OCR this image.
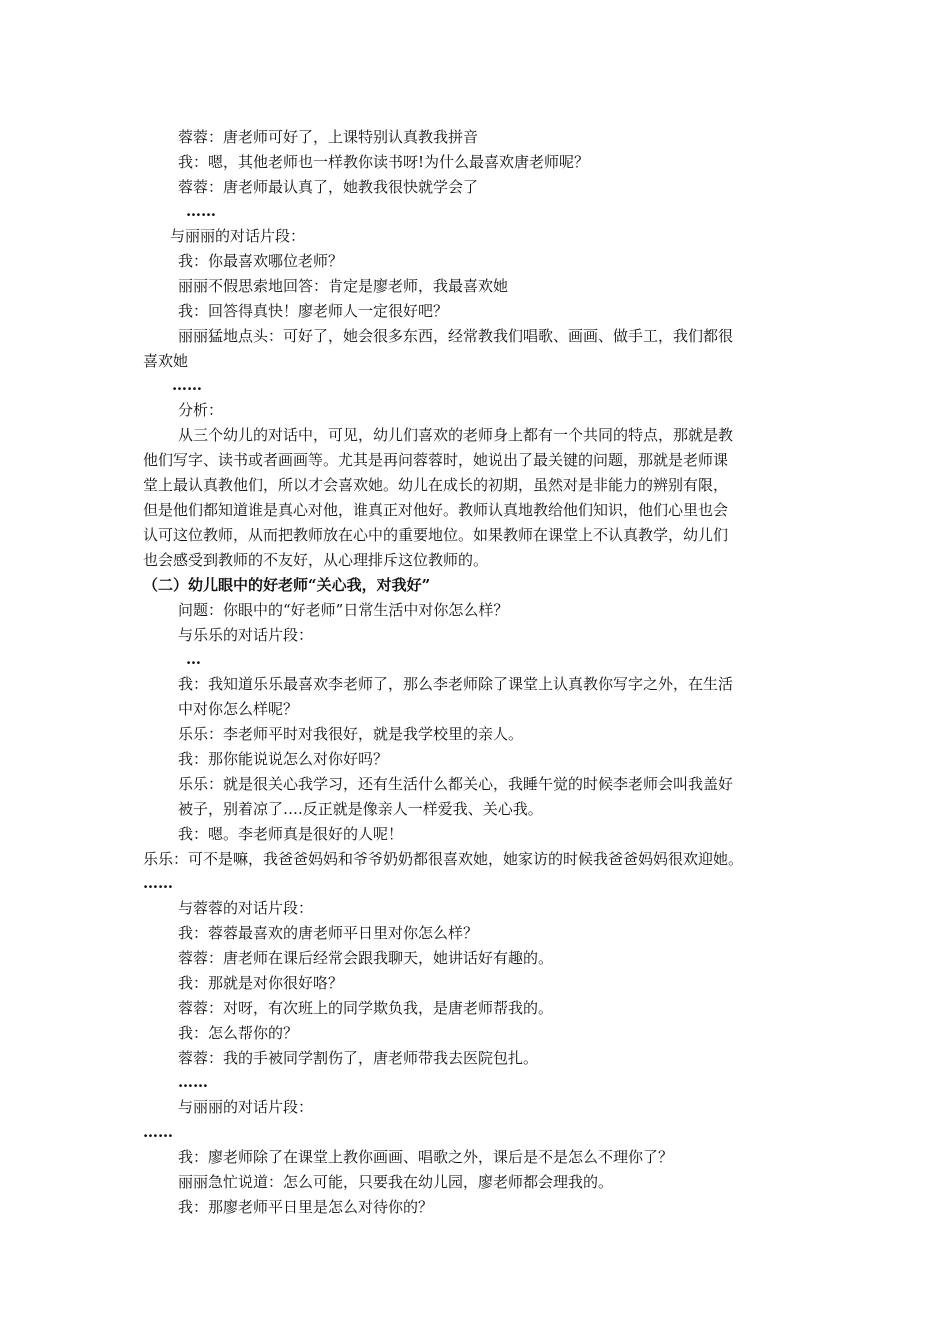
蓉蓉：唐老师可好了，上课特别认真教我拼音
我：嗯，其他老师也一样教你读书呀!为什么最喜欢唐老师呢？
蓉蓉：唐老师最认真了，她教我很快就学会了
……
与丽丽的对话片段：
我：你最喜欢哪位老师？
丽丽不假思索地回答：肯定是廖老师，我最喜欢她
我：回答得真快！廖老师人一定很好吧？
丽丽猛地点头：可好了，她会很多东西，经常教我们唱歌、画画、做手工，我们都很
喜欢她
……
分析：
从三个幼儿的对话中，可见，幼儿们喜欢的老师身上都有一个共同的特点，那就是教
他们写字、读书或者画画等。尤其是再问蓉蓉时，她说出了最关键的问题，那就是老师课
堂上最认真教他们，所以才会喜欢她。幼儿在成长的初期，虽然对是非能力的辨别有限，
但是他们都知道谁是真心对他，谁真正对他好。教师认真地教给他们知识，他们心里也会
认可这位教师，从而把教师放在心中的重要地位。如果教师在课堂上不认真教学，幼儿们
也会感受到教师的不友好，从心理排斥这位教师的。
（二）幼儿眼中的好老师“关心我，对我好”
问题：你眼中的“好老师”日常生活中对你怎么样？
与乐乐的对话片段：
…
我：我知道乐乐最喜欢李老师了，那么李老师除了课堂上认真教你写字之外，在生活
中对你怎么样呢？
乐乐：李老师平时对我很好，就是我学校里的亲人。
我：那你能说说怎么对你好吗？
乐乐：就是很关心我学习，还有生活什么都关心，我睡午觉的时候李老师会叫我盖好
被子，别着凉了….反正就是像亲人一样爱我、关心我。
我：嗯。李老师真是很好的人呢！
乐乐：可不是嘛，我爸爸妈妈和爷爷奶奶都很喜欢她，她家访的时候我爸爸妈妈很欢迎她。
……
与蓉蓉的对话片段：
我：蓉蓉最喜欢的唐老师平日里对你怎么样？
蓉蓉：唐老师在课后经常会跟我聊天，她讲话好有趣的。
我：那就是对你很好咯？
蓉蓉：对呀，有次班上的同学欺负我，是唐老师帮我的。
我：怎么帮你的？
蓉蓉：我的手被同学割伤了，唐老师带我去医院包扎。
……
与丽丽的对话片段：
……
我：廖老师除了在课堂上教你画画、唱歌之外，课后是不是怎么不理你了？
丽丽急忙说道：怎么可能，只要我在幼儿园，廖老师都会理我的。
我：那廖老师平日里是怎么对待你的？
